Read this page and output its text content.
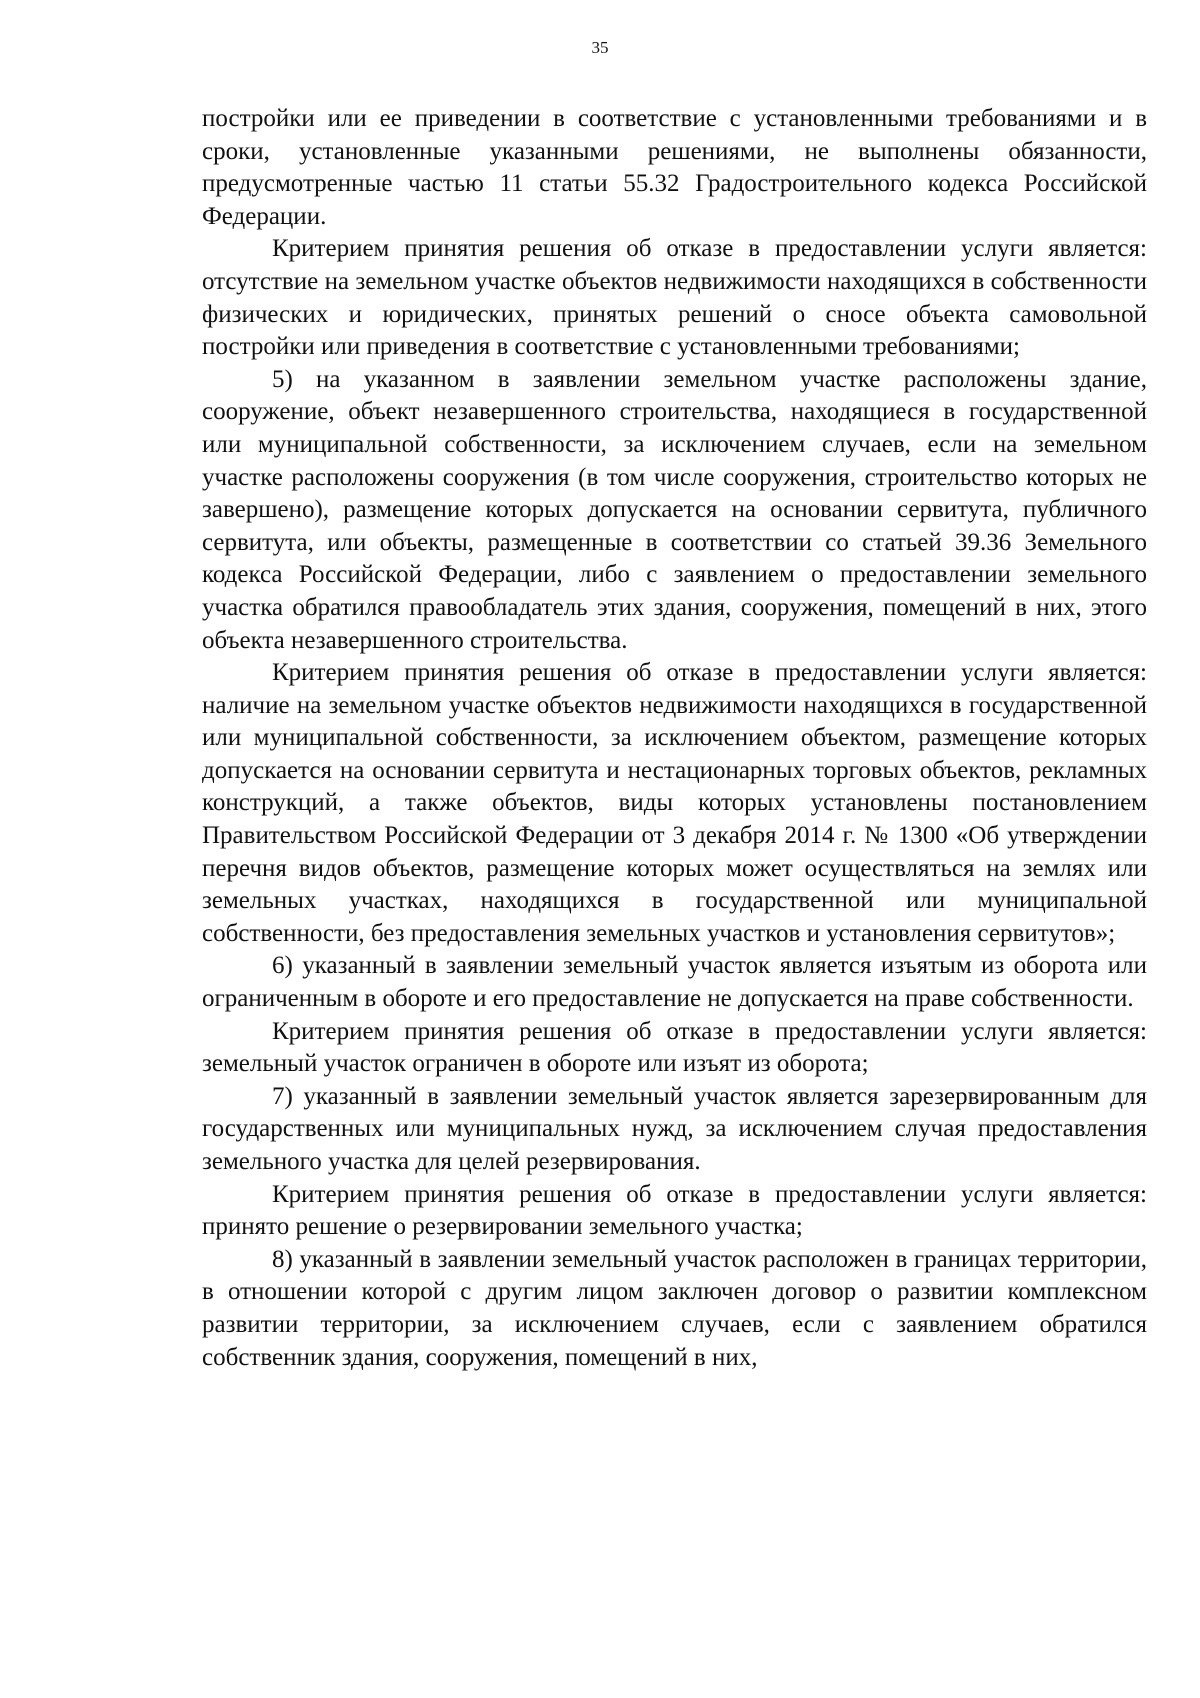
35

постройки или ее приведении в соответствие с установленными требованиями и в сроки, установленные указанными решениями, не выполнены обязанности, предусмотренные частью 11 статьи 55.32 Градостроительного кодекса Российской Федерации.

Критерием принятия решения об отказе в предоставлении услуги является: отсутствие на земельном участке объектов недвижимости находящихся в собственности физических и юридических, принятых решений о сносе объекта самовольной постройки или приведения в соответствие с установленными требованиями;

5) на указанном в заявлении земельном участке расположены здание, сооружение, объект незавершенного строительства, находящиеся в государственной или муниципальной собственности, за исключением случаев, если на земельном участке расположены сооружения (в том числе сооружения, строительство которых не завершено), размещение которых допускается на основании сервитута, публичного сервитута, или объекты, размещенные в соответствии со статьей 39.36 Земельного кодекса Российской Федерации, либо с заявлением о предоставлении земельного участка обратился правообладатель этих здания, сооружения, помещений в них, этого объекта незавершенного строительства.

Критерием принятия решения об отказе в предоставлении услуги является: наличие на земельном участке объектов недвижимости находящихся в государственной или муниципальной собственности, за исключением объектом, размещение которых допускается на основании сервитута и нестационарных торговых объектов, рекламных конструкций, а также объектов, виды которых установлены постановлением Правительством Российской Федерации от 3 декабря 2014 г. № 1300 «Об утверждении перечня видов объектов, размещение которых может осуществляться на землях или земельных участках, находящихся в государственной или муниципальной собственности, без предоставления земельных участков и установления сервитутов»;

6) указанный в заявлении земельный участок является изъятым из оборота или ограниченным в обороте и его предоставление не допускается на праве собственности.

Критерием принятия решения об отказе в предоставлении услуги является: земельный участок ограничен в обороте или изъят из оборота;

7) указанный в заявлении земельный участок является зарезервированным для государственных или муниципальных нужд, за исключением случая предоставления земельного участка для целей резервирования.

Критерием принятия решения об отказе в предоставлении услуги является: принято решение о резервировании земельного участка;

8) указанный в заявлении земельный участок расположен в границах территории, в отношении которой с другим лицом заключен договор о развитии комплексном развитии территории, за исключением случаев, если с заявлением обратился собственник здания, сооружения, помещений в них,
